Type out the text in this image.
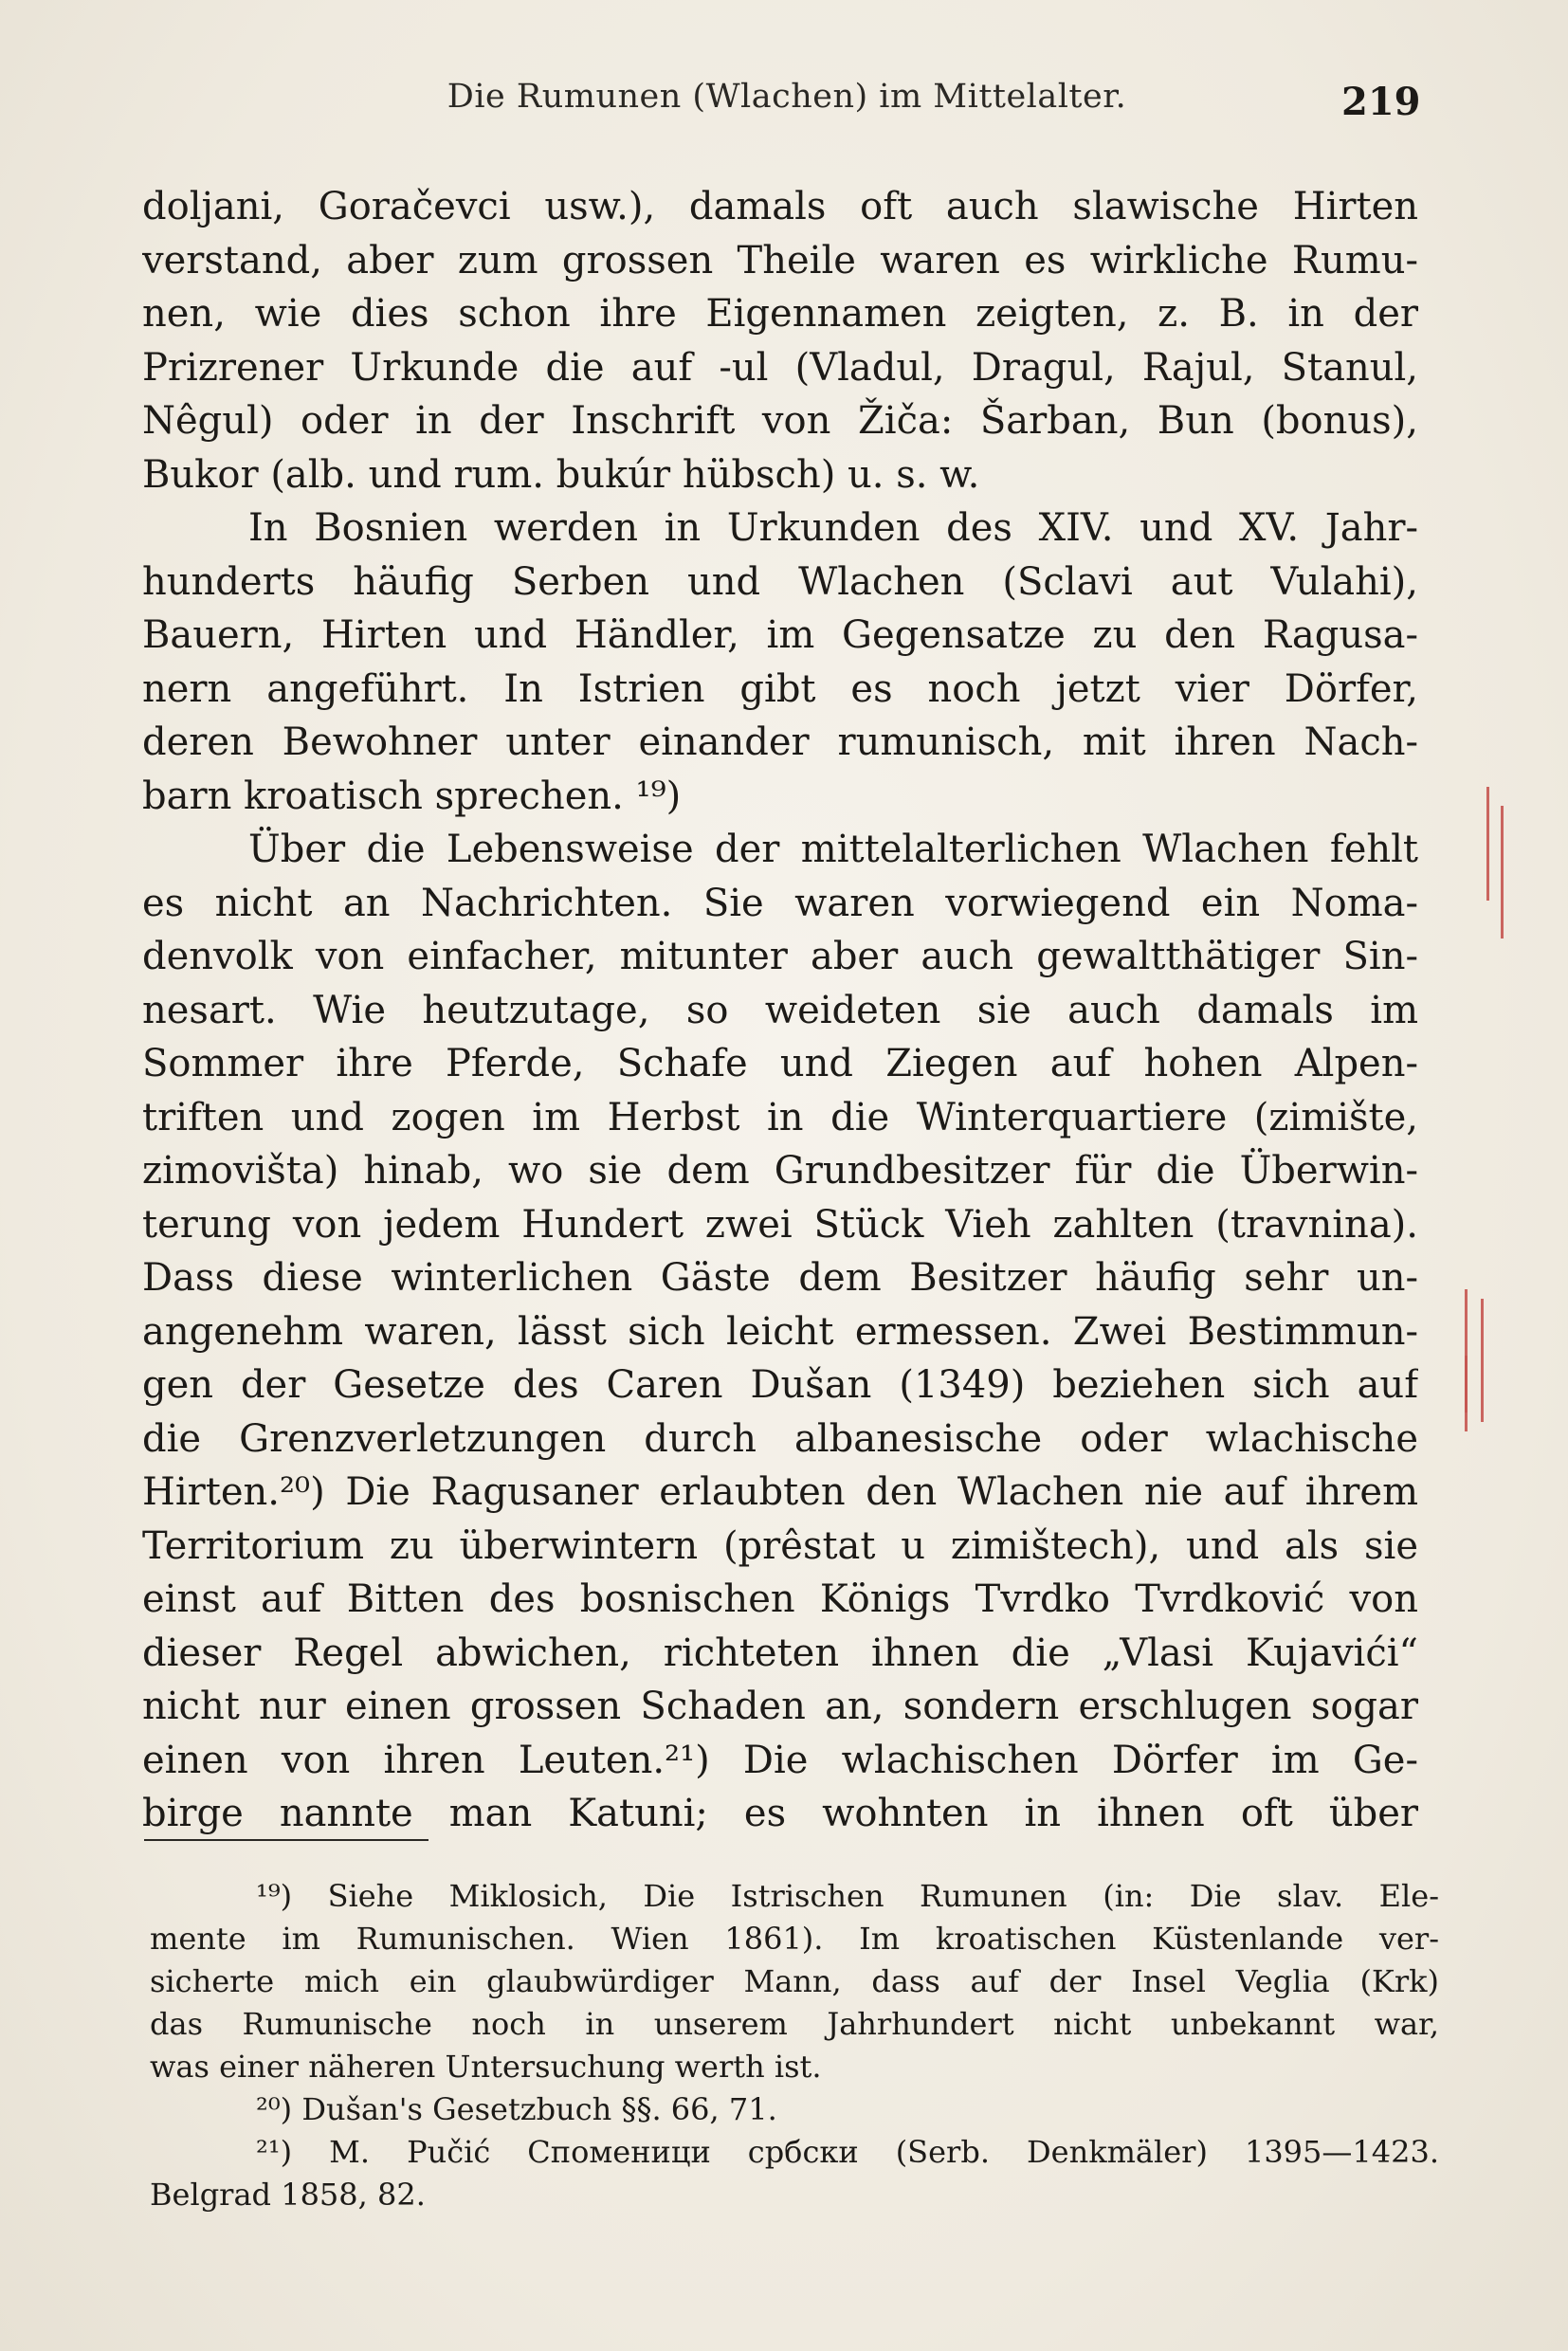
Die Rumunen (Wlachen) im Mittelalter.	219
doljani, Goračevci usw.), damals oft auch slawische Hirten
verstand, aber zum grossen Theile waren es wirkliche Rumu-
nen, wie dies schon ihre Eigennamen zeigten, z. B. in der
Prizrener Urkunde die auf -ul (Vladul, Dragul, Rajul, Stanul,
Nêgul) oder in der Inschrift von Žiča: Šarban, Bun (bonus),
Bukor (alb. und rum. bukúr hübsch) u. s. w.
In Bosnien werden in Urkunden des XIV. und XV. Jahr-
hunderts häufig Serben und Wlachen (Sclavi aut Vulahi),
Bauern, Hirten und Händler, im Gegensatze zu den Ragusa-
nern angeführt. In Istrien gibt es noch jetzt vier Dörfer,
deren Bewohner unter einander rumunisch, mit ihren Nach-
barn kroatisch sprechen. ¹⁹)
Über die Lebensweise der mittelalterlichen Wlachen fehlt
es nicht an Nachrichten. Sie waren vorwiegend ein Noma-
denvolk von einfacher, mitunter aber auch gewaltthätiger Sin-
nesart. Wie heutzutage, so weideten sie auch damals im
Sommer ihre Pferde, Schafe und Ziegen auf hohen Alpen-
triften und zogen im Herbst in die Winterquartiere (zimište,
zimovišta) hinab, wo sie dem Grundbesitzer für die Überwin-
terung von jedem Hundert zwei Stück Vieh zahlten (travnina).
Dass diese winterlichen Gäste dem Besitzer häufig sehr un-
angenehm waren, lässt sich leicht ermessen. Zwei Bestimmun-
gen der Gesetze des Caren Dušan (1349) beziehen sich auf
die Grenzverletzungen durch albanesische oder wlachische
Hirten.²⁰) Die Ragusaner erlaubten den Wlachen nie auf ihrem
Territorium zu überwintern (prêstat u zimištech), und als sie
einst auf Bitten des bosnischen Königs Tvrdko Tvrdković von
dieser Regel abwichen, richteten ihnen die „Vlasi Kujavići“
nicht nur einen grossen Schaden an, sondern erschlugen sogar
einen von ihren Leuten.²¹) Die wlachischen Dörfer im Ge-
birge nannte man Katuni; es wohnten in ihnen oft über
¹⁹) Siehe Miklosich, Die Istrischen Rumunen (in: Die slav. Ele-
mente im Rumunischen. Wien 1861). Im kroatischen Küstenlande ver-
sicherte mich ein glaubwürdiger Mann, dass auf der Insel Veglia (Krk)
das Rumunische noch in unserem Jahrhundert nicht unbekannt war,
was einer näheren Untersuchung werth ist.
²⁰) Dušan's Gesetzbuch §§. 66, 71.
²¹) M. Pučić Споменици србски (Serb. Denkmäler) 1395—1423.
Belgrad 1858, 82.
